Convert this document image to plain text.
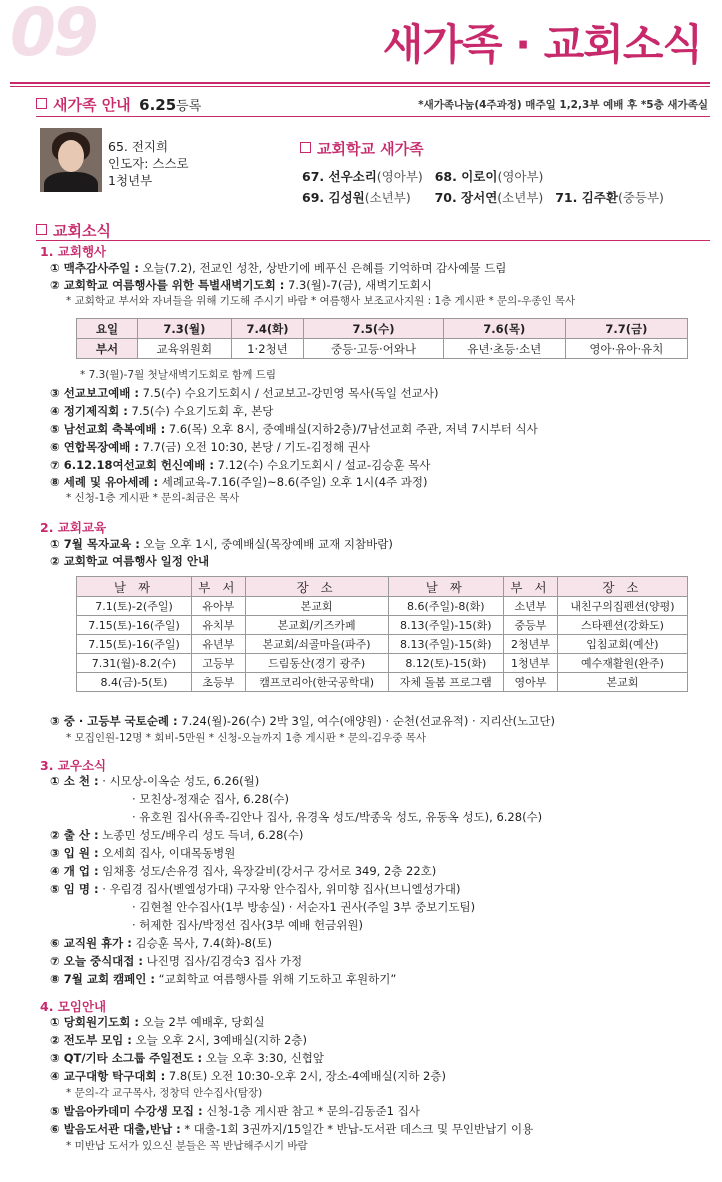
09	새가족 · 교회소식
새가족 안내 6.25등록	*새가족나눔(4주과정) 매주일 1,2,3부 예배 후 *5층 새가족실
65. 전지희
인도자: 스스로
1청년부
교회학교 새가족
67. 선우소리(영아부) 68. 이로이(영아부)
69. 김성원(소년부) 70. 장서연(소년부) 71. 김주환(중등부)
교회소식
1. 교회행사
① 맥추감사주일 : 오늘(7.2), 전교인 성찬, 상반기에 베푸신 은혜를 기억하며 감사예물 드림
② 교회학교 여름행사를 위한 특별새벽기도회 : 7.3(월)-7(금), 새벽기도회시
* 교회학교 부서와 자녀들을 위해 기도해 주시기 바람 * 여름행사 보조교사지원 : 1층 게시판 * 문의-우종인 목사
요일	7.3(월)	7.4(화)	7.5(수)	7.6(목)	7.7(금)
부서	교육위원회	1·2청년	중등·고등·어와나	유년·초등·소년	영아·유아·유치
* 7.3(월)-7월 첫날새벽기도회로 함께 드림
③ 선교보고예배 : 7.5(수) 수요기도회시 / 선교보고-강민영 목사(독일 선교사)
④ 정기제직회 : 7.5(수) 수요기도회 후, 본당
⑤ 남선교회 축복예배 : 7.6(목) 오후 8시, 중예배실(지하2층)/7남선교회 주관, 저녁 7시부터 식사
⑥ 연합목장예배 : 7.7(금) 오전 10:30, 본당 / 기도-김정해 권사
⑦ 6.12.18여선교회 헌신예배 : 7.12(수) 수요기도회시 / 설교-김승훈 목사
⑧ 세례 및 유아세례 : 세례교육-7.16(주일)~8.6(주일) 오후 1시(4주 과정)
* 신청-1층 게시판 * 문의-최금은 목사
2. 교회교육
① 7월 목자교육 : 오늘 오후 1시, 중예배실(목장예배 교재 지참바람)
② 교회학교 여름행사 일정 안내
날 짜	부 서	장 소	날 짜	부 서	장 소
7.1(토)-2(주일)	유아부	본교회	8.6(주일)-8(화)	소년부	내친구의집펜션(양평)
7.15(토)-16(주일)	유치부	본교회/키즈카페	8.13(주일)-15(화)	중등부	스타펜션(강화도)
7.15(토)-16(주일)	유년부	본교회/쇠골마을(파주)	8.13(주일)-15(화)	2청년부	입침교회(예산)
7.31(월)-8.2(수)	고등부	드림동산(경기 광주)	8.12(토)-15(화)	1청년부	예수재활원(완주)
8.4(금)-5(토)	초등부	캠프코리아(한국공학대)	자체 돌봄 프로그램	영아부	본교회
③ 중 · 고등부 국토순례 : 7.24(월)-26(수) 2박 3일, 여수(애양원) · 순천(선교유적) · 지리산(노고단)
* 모집인원-12명 * 회비-5만원 * 신청-오늘까지 1층 게시판 * 문의-김우중 목사
3. 교우소식
① 소 천 : · 시모상-이옥순 성도, 6.26(월)
· 모친상-정재순 집사, 6.28(수)
· 유호원 집사(유족-김안나 집사, 유경옥 성도/박종욱 성도, 유동옥 성도), 6.28(수)
② 출 산 : 노종민 성도/배우리 성도 득녀, 6.28(수)
③ 입 원 : 오세희 집사, 이대목동병원
④ 개 업 : 임채홍 성도/손유경 집사, 육장갈비(강서구 강서로 349, 2층 22호)
⑤ 임 명 : · 우림경 집사(벧엘성가대) 구자왕 안수집사, 위미향 집사(브니엘성가대)
· 김현철 안수집사(1부 방송실) · 서순자1 권사(주일 3부 중보기도팀)
· 허제한 집사/박정선 집사(3부 예배 헌금위원)
⑥ 교직원 휴가 : 김승훈 목사, 7.4(화)-8(토)
⑦ 오늘 중식대접 : 나진명 집사/김경숙3 집사 가정
⑧ 7월 교회 캠페인 : “교회학교 여름행사를 위해 기도하고 후원하기”
4. 모임안내
① 당회원기도회 : 오늘 2부 예배후, 당회실
② 전도부 모임 : 오늘 오후 2시, 3예배실(지하 2층)
③ QT/기타 소그룹 주일전도 : 오늘 오후 3:30, 신협앞
④ 교구대항 탁구대회 : 7.8(토) 오전 10:30-오후 2시, 장소-4예배실(지하 2층)
* 문의-각 교구목사, 정창덕 안수집사(탐장)
⑤ 발음아카데미 수강생 모집 : 신청-1층 게시판 참고 * 문의-김동준1 집사
⑥ 발음도서관 대출,반납 : * 대출-1회 3권까지/15일간 * 반납-도서관 데스크 및 무인반납기 이용
* 미반납 도서가 있으신 분들은 꼭 반납해주시기 바람
